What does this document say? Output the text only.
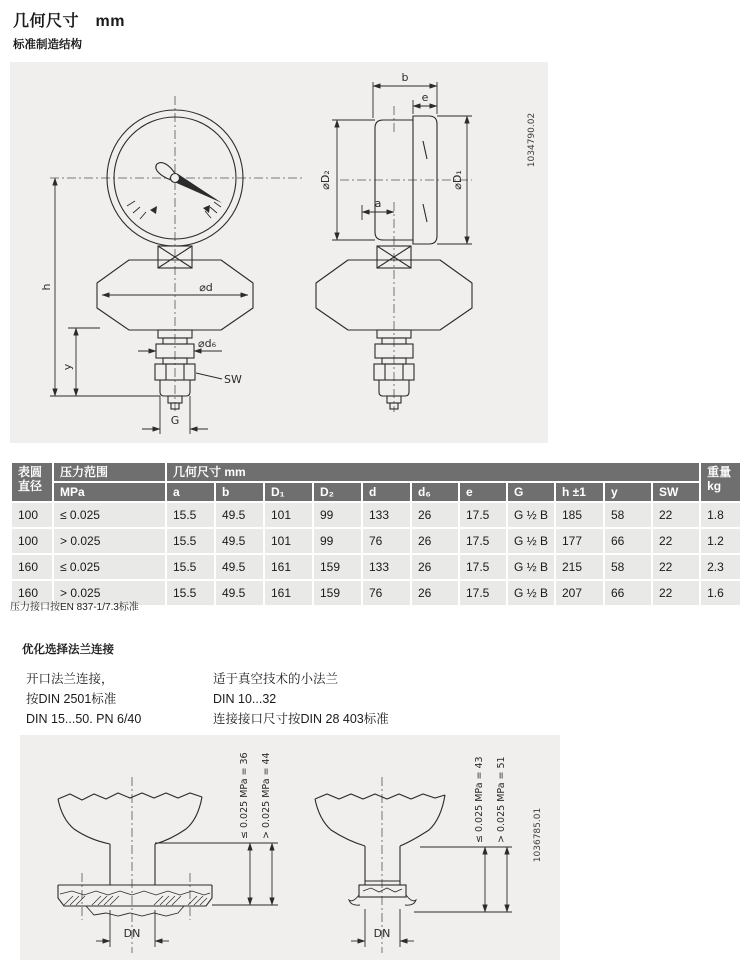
几何尺寸　mm
标准制造结构
⌀d
⌀d₆
SW
G
y
h
b
e
⌀D₂	⌀D₁
a
1034790.02
表圆直径	压力范围	几何尺寸 mm											重量
kg

	MPa	a	b	D₁	D₂	d	d₆	e	G	h ±1	y	SW	
100	≤ 0.025	15.5	49.5	101	99	133	26	17.5	G ½ B	185	58	22	1.8
100	> 0.025	15.5	49.5	101	99	76	26	17.5	G ½ B	177	66	22	1.2
160	≤ 0.025	15.5	49.5	161	159	133	26	17.5	G ½ B	215	58	22	2.3
160	> 0.025	15.5	49.5	161	159	76	26	17.5	G ½ B	207	66	22	1.6
压力接口按EN 837-1/7.3标准
优化选择法兰连接
开口法兰连接，
按DIN 2501标准
DIN 15...50. PN 6/40
适于真空技术的小法兰
DIN 10...32
连接接口尺寸按DIN 28 403标准
DN
≤ 0.025 MPa = 36 > 0.025 MPa = 44
DN
≤ 0.025 MPa = 43 > 0.025 MPa = 51	1036785.01
